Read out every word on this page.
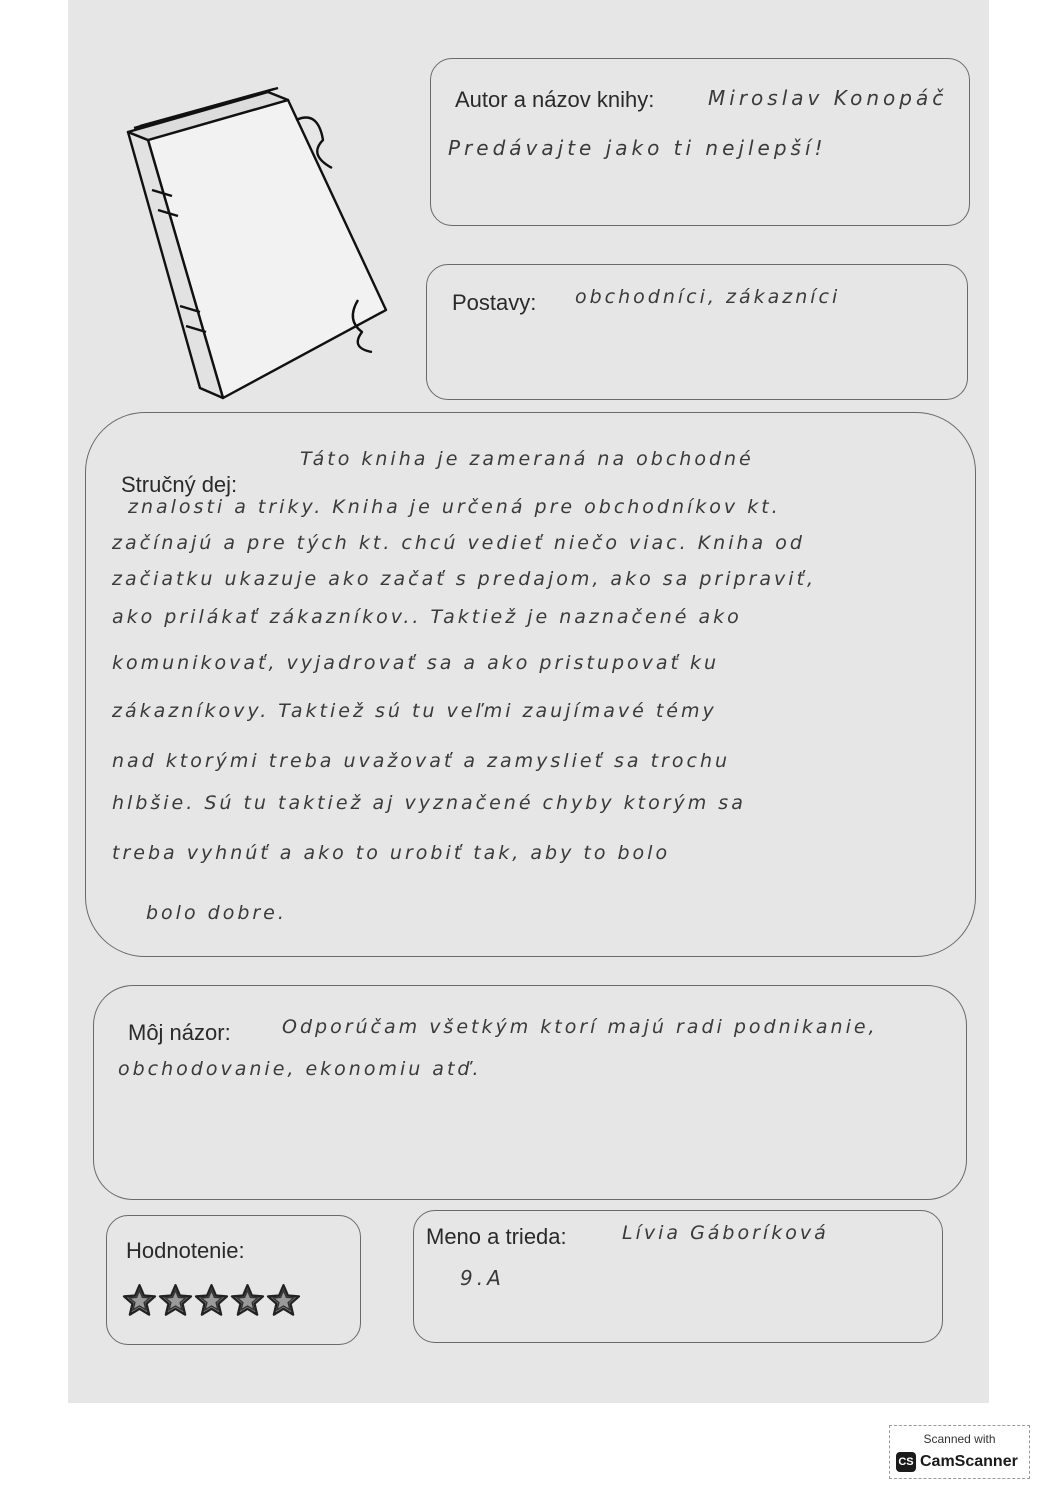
Autor a názov knihy:	Miroslav Konopáč
Predávajte jako ti nejlepší!
Postavy: obchodníci, zákazníci
Stručný dej:
Táto kniha je zameraná na obchodné
znalosti a triky. Kniha je určená pre obchodníkov kt.
začínajú a pre tých kt. chcú vedieť niečo viac. Kniha od
začiatku ukazuje ako začať s predajom, ako sa pripraviť,
ako prilákať zákazníkov.. Taktiež je naznačené ako
komunikovať, vyjadrovať sa a ako pristupovať ku
zákazníkovy. Taktiež sú tu veľmi zaujímavé témy
nad ktorými treba uvažovať a zamyslieť sa trochu
hlbšie. Sú tu taktiež aj vyznačené chyby ktorým sa
treba vyhnúť a ako to urobiť tak, aby to bolo
bolo dobre.
Môj názor:	Odporúčam všetkým ktorí majú radi podnikanie,
obchodovanie, ekonomiu atď.
Hodnotenie:
Meno a trieda:	Lívia Gáboríková
9.A
Scanned with
CS CamScanner
